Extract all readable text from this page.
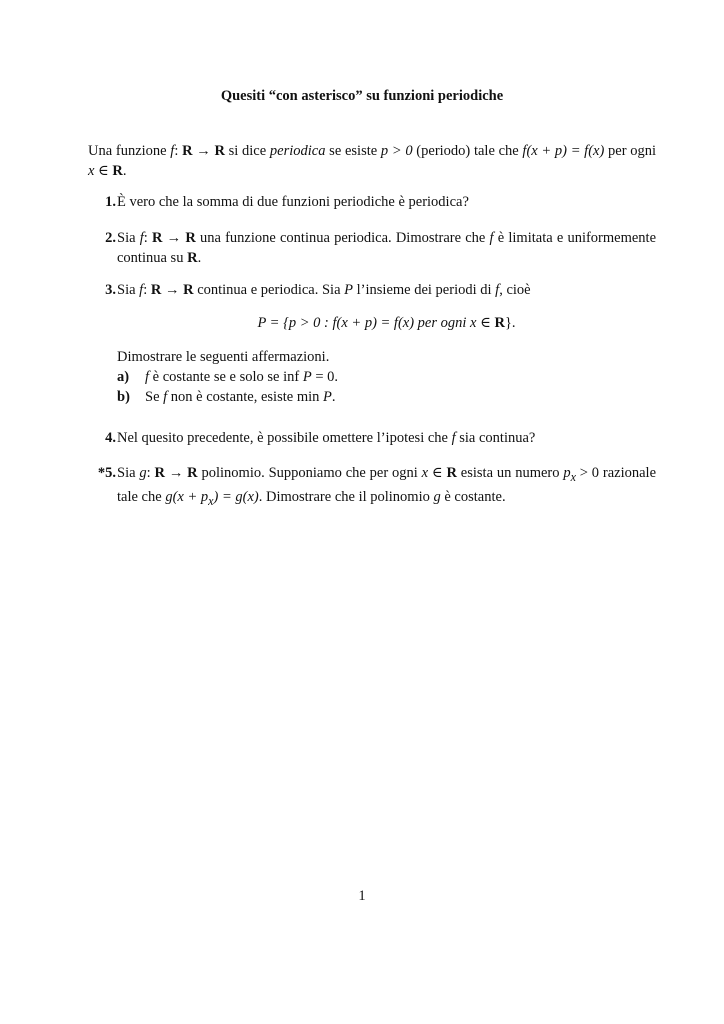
Quesiti “con asterisco” su funzioni periodiche
Una funzione f: R → R si dice periodica se esiste p > 0 (periodo) tale che f(x + p) = f(x) per ogni x ∈ R.
1. È vero che la somma di due funzioni periodiche è periodica?
2. Sia f: R → R una funzione continua periodica. Dimostrare che f è limitata e uniformemente continua su R.
3. Sia f: R → R continua e periodica. Sia P l’insieme dei periodi di f, cioè
P = {p > 0 : f(x + p) = f(x) per ogni x ∈ R}.
Dimostrare le seguenti affermazioni.
a) f è costante se e solo se inf P = 0.
b) Se f non è costante, esiste min P.
4. Nel quesito precedente, è possibile omettere l’ipotesi che f sia continua?
*5. Sia g: R → R polinomio. Supponiamo che per ogni x ∈ R esista un numero $p_x > 0$ razionale tale che $g(x + p_x) = g(x)$. Dimostrare che il polinomio g è costante.
1
